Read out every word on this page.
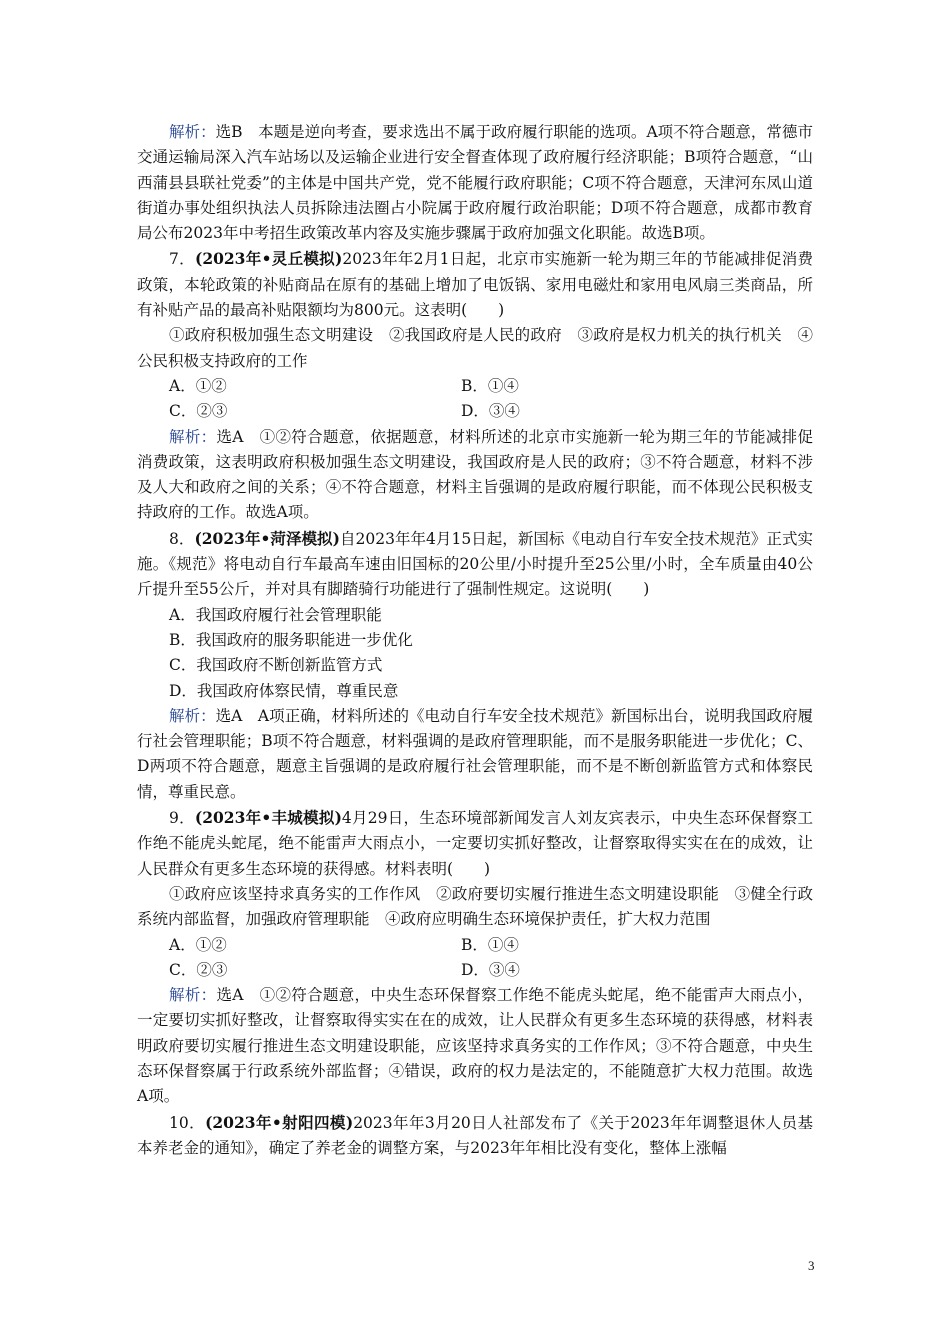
解析：选B　本题是逆向考查，要求选出不属于政府履行职能的选项。A项不符合题意，常德市交通运输局深入汽车站场以及运输企业进行安全督查体现了政府履行经济职能；B项符合题意，“山西蒲县县联社党委”的主体是中国共产党，党不能履行政府职能；C项不符合题意，天津河东凤山道街道办事处组织执法人员拆除违法圈占小院属于政府履行政治职能；D项不符合题意，成都市教育局公布2023年中考招生政策改革内容及实施步骤属于政府加强文化职能。故选B项。

7．(2023年•灵丘模拟)2023年年2月1日起，北京市实施新一轮为期三年的节能减排促消费政策，本轮政策的补贴商品在原有的基础上增加了电饭锅、家用电磁灶和家用电风扇三类商品，所有补贴产品的最高补贴限额均为800元。这表明(　　)

①政府积极加强生态文明建设　②我国政府是人民的政府　③政府是权力机关的执行机关　④公民积极支持政府的工作

A．①②	B．①④
C．②③	D．③④

解析：选A　①②符合题意，依据题意，材料所述的北京市实施新一轮为期三年的节能减排促消费政策，这表明政府积极加强生态文明建设，我国政府是人民的政府；③不符合题意，材料不涉及人大和政府之间的关系；④不符合题意，材料主旨强调的是政府履行职能，而不体现公民积极支持政府的工作。故选A项。

8．(2023年•菏泽模拟)自2023年年4月15日起，新国标《电动自行车安全技术规范》正式实施。《规范》将电动自行车最高车速由旧国标的20公里/小时提升至25公里/小时，全车质量由40公斤提升至55公斤，并对具有脚踏骑行功能进行了强制性规定。这说明(　　)

A．我国政府履行社会管理职能

B．我国政府的服务职能进一步优化

C．我国政府不断创新监管方式

D．我国政府体察民情，尊重民意

解析：选A　A项正确，材料所述的《电动自行车安全技术规范》新国标出台，说明我国政府履行社会管理职能；B项不符合题意，材料强调的是政府管理职能，而不是服务职能进一步优化；C、D两项不符合题意，题意主旨强调的是政府履行社会管理职能，而不是不断创新监管方式和体察民情，尊重民意。

9．(2023年•丰城模拟)4月29日，生态环境部新闻发言人刘友宾表示，中央生态环保督察工作绝不能虎头蛇尾，绝不能雷声大雨点小，一定要切实抓好整改，让督察取得实实在在的成效，让人民群众有更多生态环境的获得感。材料表明(　　)

①政府应该坚持求真务实的工作作风　②政府要切实履行推进生态文明建设职能　③健全行政系统内部监督，加强政府管理职能　④政府应明确生态环境保护责任，扩大权力范围

A．①②	B．①④
C．②③	D．③④

解析：选A　①②符合题意，中央生态环保督察工作绝不能虎头蛇尾，绝不能雷声大雨点小，一定要切实抓好整改，让督察取得实实在在的成效，让人民群众有更多生态环境的获得感，材料表明政府要切实履行推进生态文明建设职能，应该坚持求真务实的工作作风；③不符合题意，中央生态环保督察属于行政系统外部监督；④错误，政府的权力是法定的，不能随意扩大权力范围。故选A项。

10．(2023年•射阳四模)2023年年3月20日人社部发布了《关于2023年年调整退休人员基本养老金的通知》，确定了养老金的调整方案，与2023年年相比没有变化，整体上涨幅

3
